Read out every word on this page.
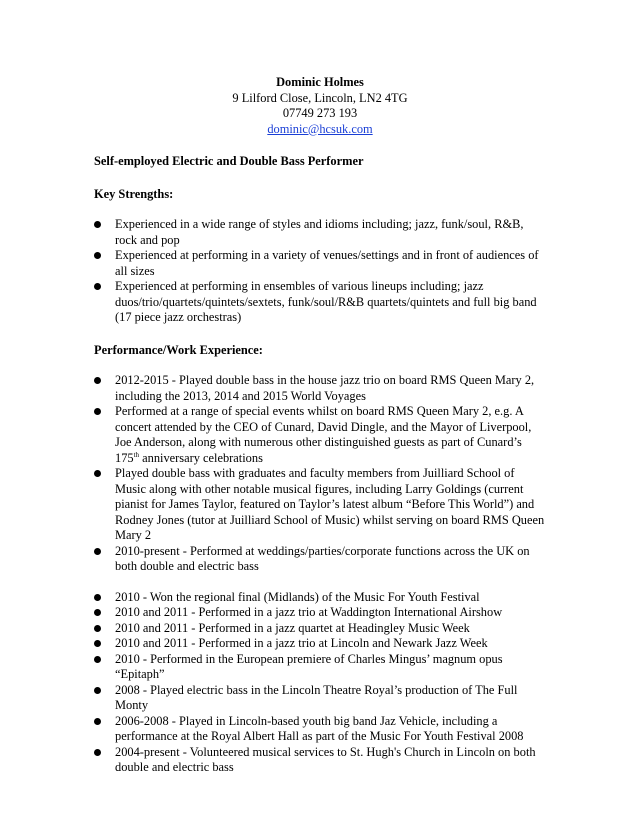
Dominic Holmes
9 Lilford Close, Lincoln, LN2 4TG
07749 273 193
dominic@hcsuk.com
Self-employed Electric and Double Bass Performer
Key Strengths:
Experienced in a wide range of styles and idioms including; jazz, funk/soul, R&B, rock and pop
Experienced at performing in a variety of venues/settings and in front of audiences of all sizes
Experienced at performing in ensembles of various lineups including; jazz duos/trio/quartets/quintets/sextets, funk/soul/R&B quartets/quintets and full big band (17 piece jazz orchestras)
Performance/Work Experience:
2012-2015 - Played double bass in the house jazz trio on board RMS Queen Mary 2, including the 2013, 2014 and 2015 World Voyages
Performed at a range of special events whilst on board RMS Queen Mary 2, e.g. A concert attended by the CEO of Cunard, David Dingle, and the Mayor of Liverpool, Joe Anderson, along with numerous other distinguished guests as part of Cunard’s
175th anniversary celebrations
Played double bass with graduates and faculty members from Juilliard School of Music along with other notable musical figures, including Larry Goldings (current pianist for James Taylor, featured on Taylor’s latest album “Before This World”) and Rodney Jones (tutor at Juilliard School of Music) whilst serving on board RMS Queen Mary 2
2010-present - Performed at weddings/parties/corporate functions across the UK on both double and electric bass
2010 - Won the regional final (Midlands) of the Music For Youth Festival
2010 and 2011 - Performed in a jazz trio at Waddington International Airshow
2010 and 2011 - Performed in a jazz quartet at Headingley Music Week
2010 and 2011 - Performed in a jazz trio at Lincoln and Newark Jazz Week
2010 - Performed in the European premiere of Charles Mingus’ magnum opus “Epitaph”
2008 - Played electric bass in the Lincoln Theatre Royal’s production of The Full Monty
2006-2008 - Played in Lincoln-based youth big band Jaz Vehicle, including a performance at the Royal Albert Hall as part of the Music For Youth Festival 2008
2004-present - Volunteered musical services to St. Hugh's Church in Lincoln on both double and electric bass
